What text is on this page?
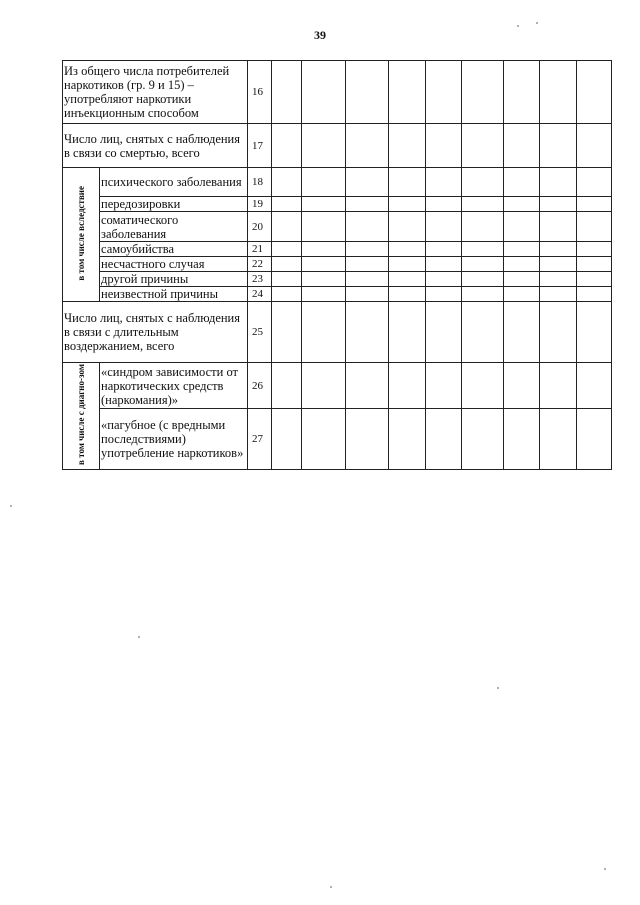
39
Из общего числа потребителей наркотиков (гр. 9 и 15) – употребляют наркотики инъекционным способом		16									
Число лиц, снятых с наблюдения в связи со смертью, всего		17									
в том числе вследствие	психического заболевания	18									
	передозировки	19									
	соматического заболевания	20									
	самоубийства	21									
	несчастного случая	22									
	другой причины	23									
	неизвестной причины	24									
Число лиц, снятых с наблюдения в связи с длительным воздержанием, всего		25									
в том числе с диагно-зом	«синдром зависимости от наркотических средств (наркомания)»	26									
	«пагубное (с вредными последствиями) употребление наркотиков»	27									
